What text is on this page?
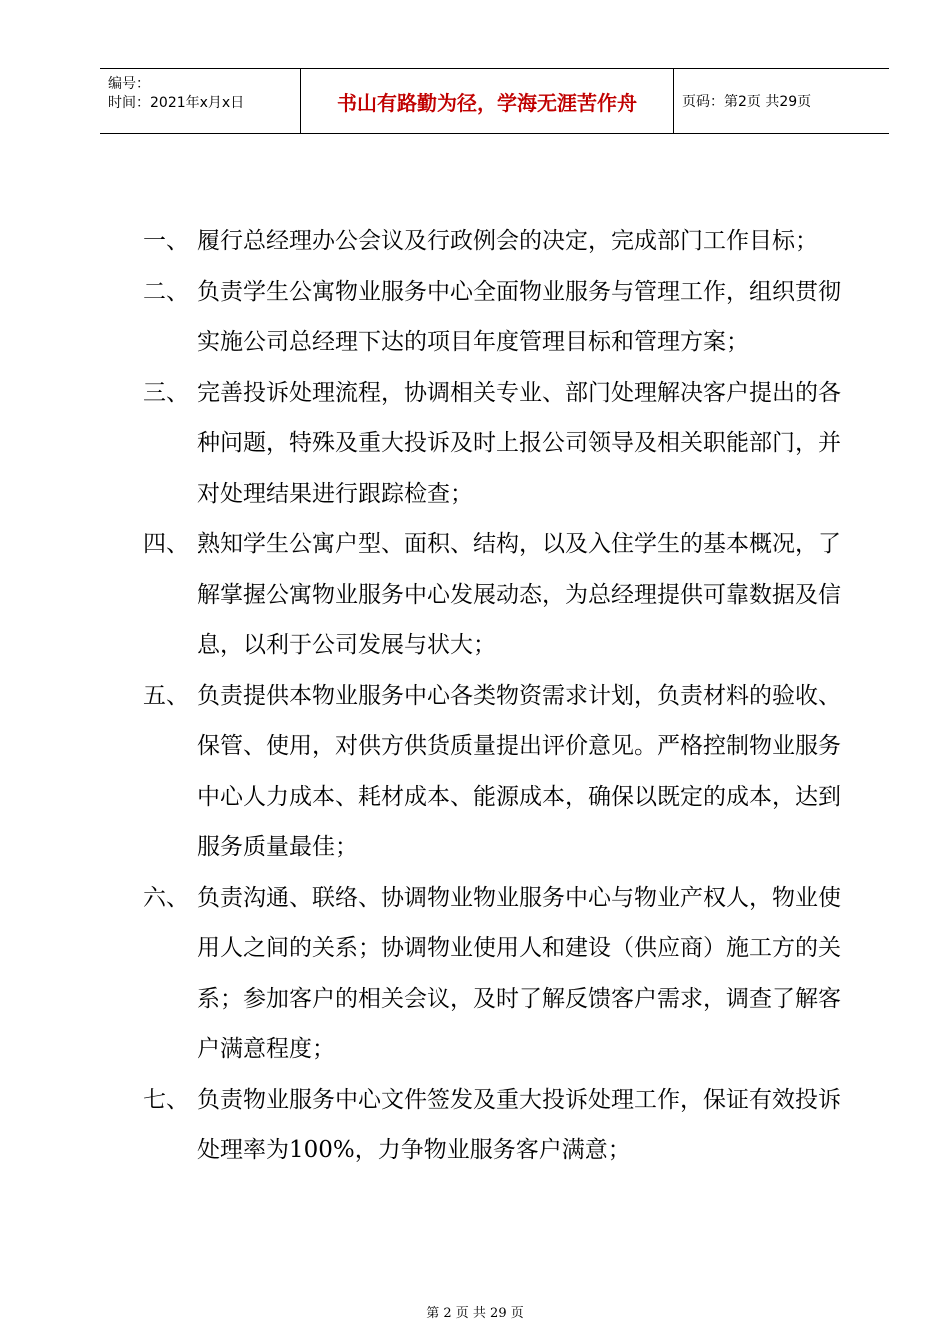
编号：
时间：2021年x月x日	书山有路勤为径，学海无涯苦作舟	页码：第2页 共29页

一、 履行总经理办公会议及行政例会的决定，完成部门工作目标；

二、 负责学生公寓物业服务中心全面物业服务与管理工作，组织贯彻实施公司总经理下达的项目年度管理目标和管理方案；

三、 完善投诉处理流程，协调相关专业、部门处理解决客户提出的各种问题，特殊及重大投诉及时上报公司领导及相关职能部门，并对处理结果进行跟踪检查；

四、 熟知学生公寓户型、面积、结构，以及入住学生的基本概况，了解掌握公寓物业服务中心发展动态，为总经理提供可靠数据及信息，以利于公司发展与状大；

五、 负责提供本物业服务中心各类物资需求计划，负责材料的验收、保管、使用，对供方供货质量提出评价意见。严格控制物业服务中心人力成本、耗材成本、能源成本，确保以既定的成本，达到服务质量最佳；

六、 负责沟通、联络、协调物业物业服务中心与物业产权人，物业使用人之间的关系；协调物业使用人和建设（供应商）施工方的关系；参加客户的相关会议，及时了解反馈客户需求，调查了解客户满意程度；

七、 负责物业服务中心文件签发及重大投诉处理工作，保证有效投诉处理率为100%，力争物业服务客户满意；

第 2 页 共 29 页
